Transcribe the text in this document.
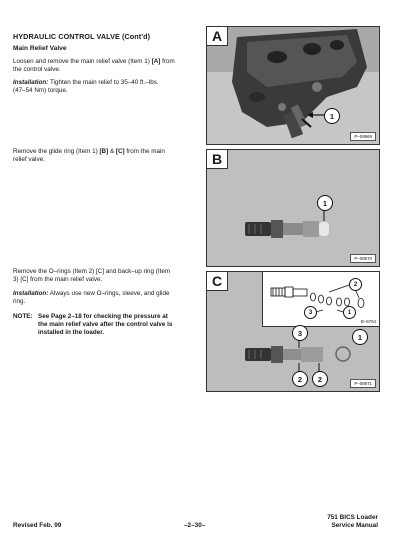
HYDRAULIC CONTROL VALVE (Cont'd)
Main Relief Valve
Loosen and remove the main relief valve (Item 1) [A] from
the control valve.
Installation: Tighten the main relief to 35–40 ft.–lbs.
(47–54 Nm) torque.
Remove the glide ring (Item 1) [B] & [C] from the main
relief valve.
Remove the O–rings (Item 2) [C] and back–up ring (Item
3) [C] from the main relief valve.
Installation: Always use new O–rings, sleeve, and glide
ring.
NOTE: See Page 2–18 for checking the pressure at
the main relief valve after the control valve is
installed in the loader.
A
1
P–08969
B
1
P–08970
C	2
3	1
B–6764
3	1
2	2	P–08971
Revised Feb. 99	–2–30–
751 BICS Loader
Service Manual
